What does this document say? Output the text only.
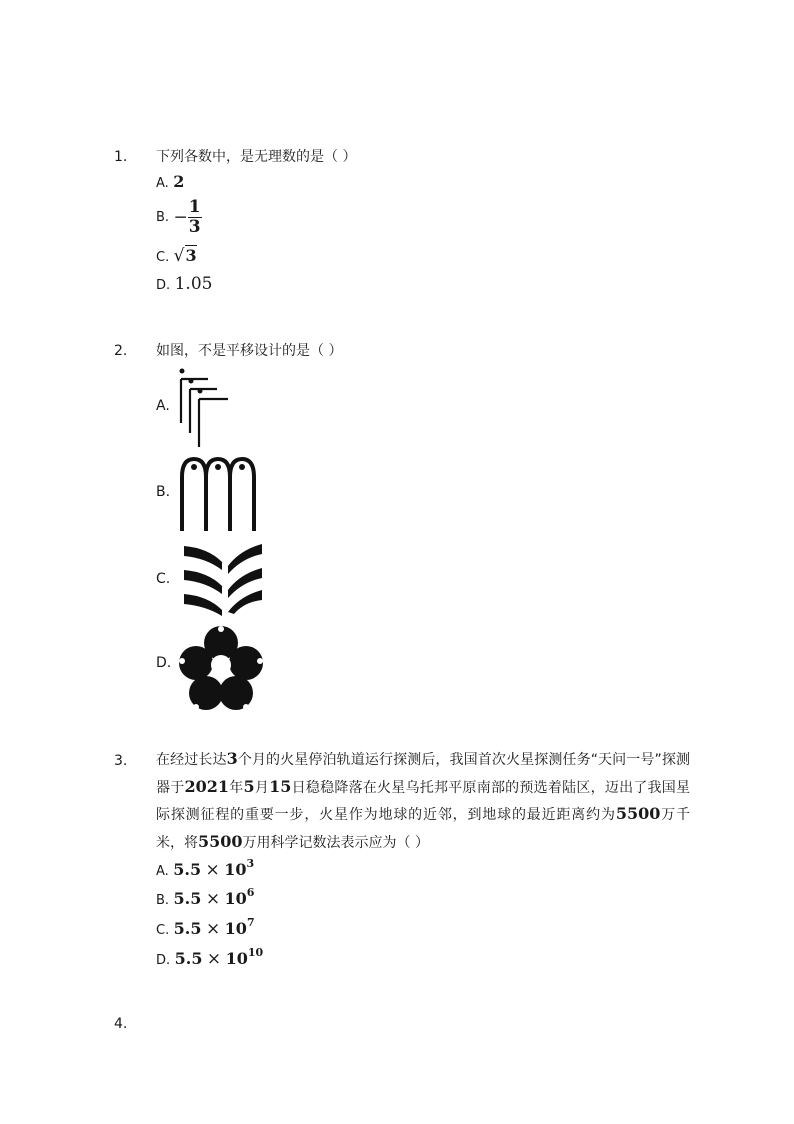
1. 下列各数中，是无理数的是（ ）
A. 2
B. − $\frac{1}{3}$
C. √3
D. 1.05
2. 如图，不是平移设计的是（ ）
A.
B.
C.
D.
3. 在经过长达3个月的火星停泊轨道运行探测后，我国首次火星探测任务“天问一号”探测器于2021年5月15日稳稳降落在火星乌托邦平原南部的预选着陆区，迈出了我国星际探测征程的重要一步，火星作为地球的近邻，到地球的最近距离约为5500万千米，将5500万用科学记数法表示应为（ ）
A. $5.5 \times 10^3$
B. $5.5 \times 10^6$
C. $5.5 \times 10^7$
D. $5.5 \times 10^{10}$
4.
